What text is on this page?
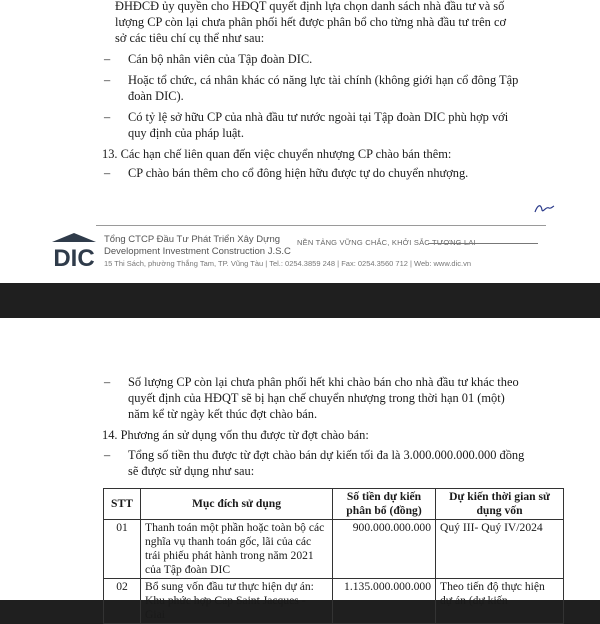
ĐHĐCĐ ủy quyền cho HĐQT quyết định lựa chọn danh sách nhà đầu tư và số
lượng CP còn lại chưa phân phối hết được phân bổ cho từng nhà đầu tư trên cơ
sở các tiêu chí cụ thể như sau:
– Cán bộ nhân viên của Tập đoàn DIC.
– Hoặc tổ chức, cá nhân khác có năng lực tài chính (không giới hạn cổ đông Tập
đoàn DIC).
– Có tỷ lệ sở hữu CP của nhà đầu tư nước ngoài tại Tập đoàn DIC phù hợp với
quy định của pháp luật.
13. Các hạn chế liên quan đến việc chuyển nhượng CP chào bán thêm:
– CP chào bán thêm cho cổ đông hiện hữu được tự do chuyển nhượng.
DIC
Tổng CTCP Đầu Tư Phát Triển Xây Dựng
Development Investment Construction J.S.C
NỀN TẢNG VỮNG CHẮC, KHỞI SẮC TƯƠNG LAI
15 Thi Sách, phường Thắng Tam, TP. Vũng Tàu | Tel.: 0254.3859 248 | Fax: 0254.3560 712 | Web: www.dic.vn
– Số lượng CP còn lại chưa phân phối hết khi chào bán cho nhà đầu tư khác theo
quyết định của HĐQT sẽ bị hạn chế chuyển nhượng trong thời hạn 01 (một)
năm kể từ ngày kết thúc đợt chào bán.
14. Phương án sử dụng vốn thu được từ đợt chào bán:
– Tổng số tiền thu được từ đợt chào bán dự kiến tối đa là 3.000.000.000.000 đồng
sẽ được sử dụng như sau:
STT	Mục đích sử dụng	Số tiền dự kiến phân bổ (đồng)	Dự kiến thời gian sử dụng vốn
01	Thanh toán một phần hoặc toàn bộ các nghĩa vụ thanh toán gốc, lãi của các trái phiếu phát hành trong năm 2021 của Tập đoàn DIC	900.000.000.000	Quý III- Quý IV/2024
02	Bổ sung vốn đầu tư thực hiện dự án: Khu phức hợp Cap Saint Jacques - Giai	1.135.000.000.000	Theo tiến độ thực hiện dự án (dự kiến
